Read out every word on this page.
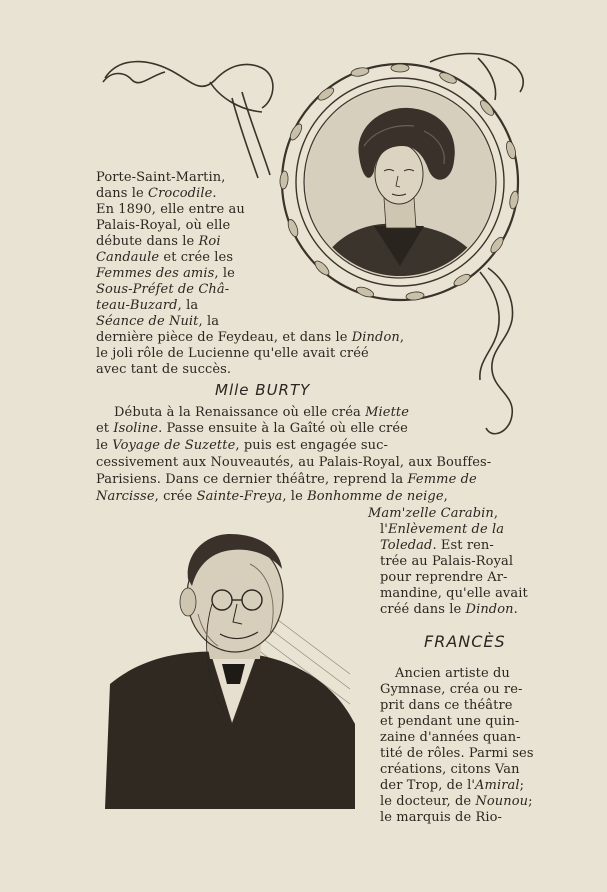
Porte-Saint-Martin,
dans le Crocodile.
En 1890, elle entre au
Palais-Royal, où elle
débute dans le Roi
Candaule et crée les
Femmes des amis, le
Sous-Préfet de Châ-
teau-Buzard, la
Séance de Nuit, la
dernière pièce de Feydeau, et dans le Dindon,
le joli rôle de Lucienne qu'elle avait créé
avec tant de succès.
Mlle BURTY
Débuta à la Renaissance où elle créa Miette
et Isoline. Passe ensuite à la Gaîté où elle crée
le Voyage de Suzette, puis est engagée suc-
cessivement aux Nouveautés, au Palais-Royal, aux Bouffes-
Parisiens. Dans ce dernier théâtre, reprend la Femme de
Narcisse, crée Sainte-Freya, le Bonhomme de neige,
Mam'zelle Carabin,
l'Enlèvement de la
Toledad. Est ren-
trée au Palais-Royal
pour reprendre Ar-
mandine, qu'elle avait
créé dans le Dindon.
FRANCÈS
Ancien artiste du
Gymnase, créa ou re-
prit dans ce théâtre
et pendant une quin-
zaine d'années quan-
tité de rôles. Parmi ses
créations, citons Van
der Trop, de l'Amiral;
le docteur, de Nounou;
le marquis de Rio-
